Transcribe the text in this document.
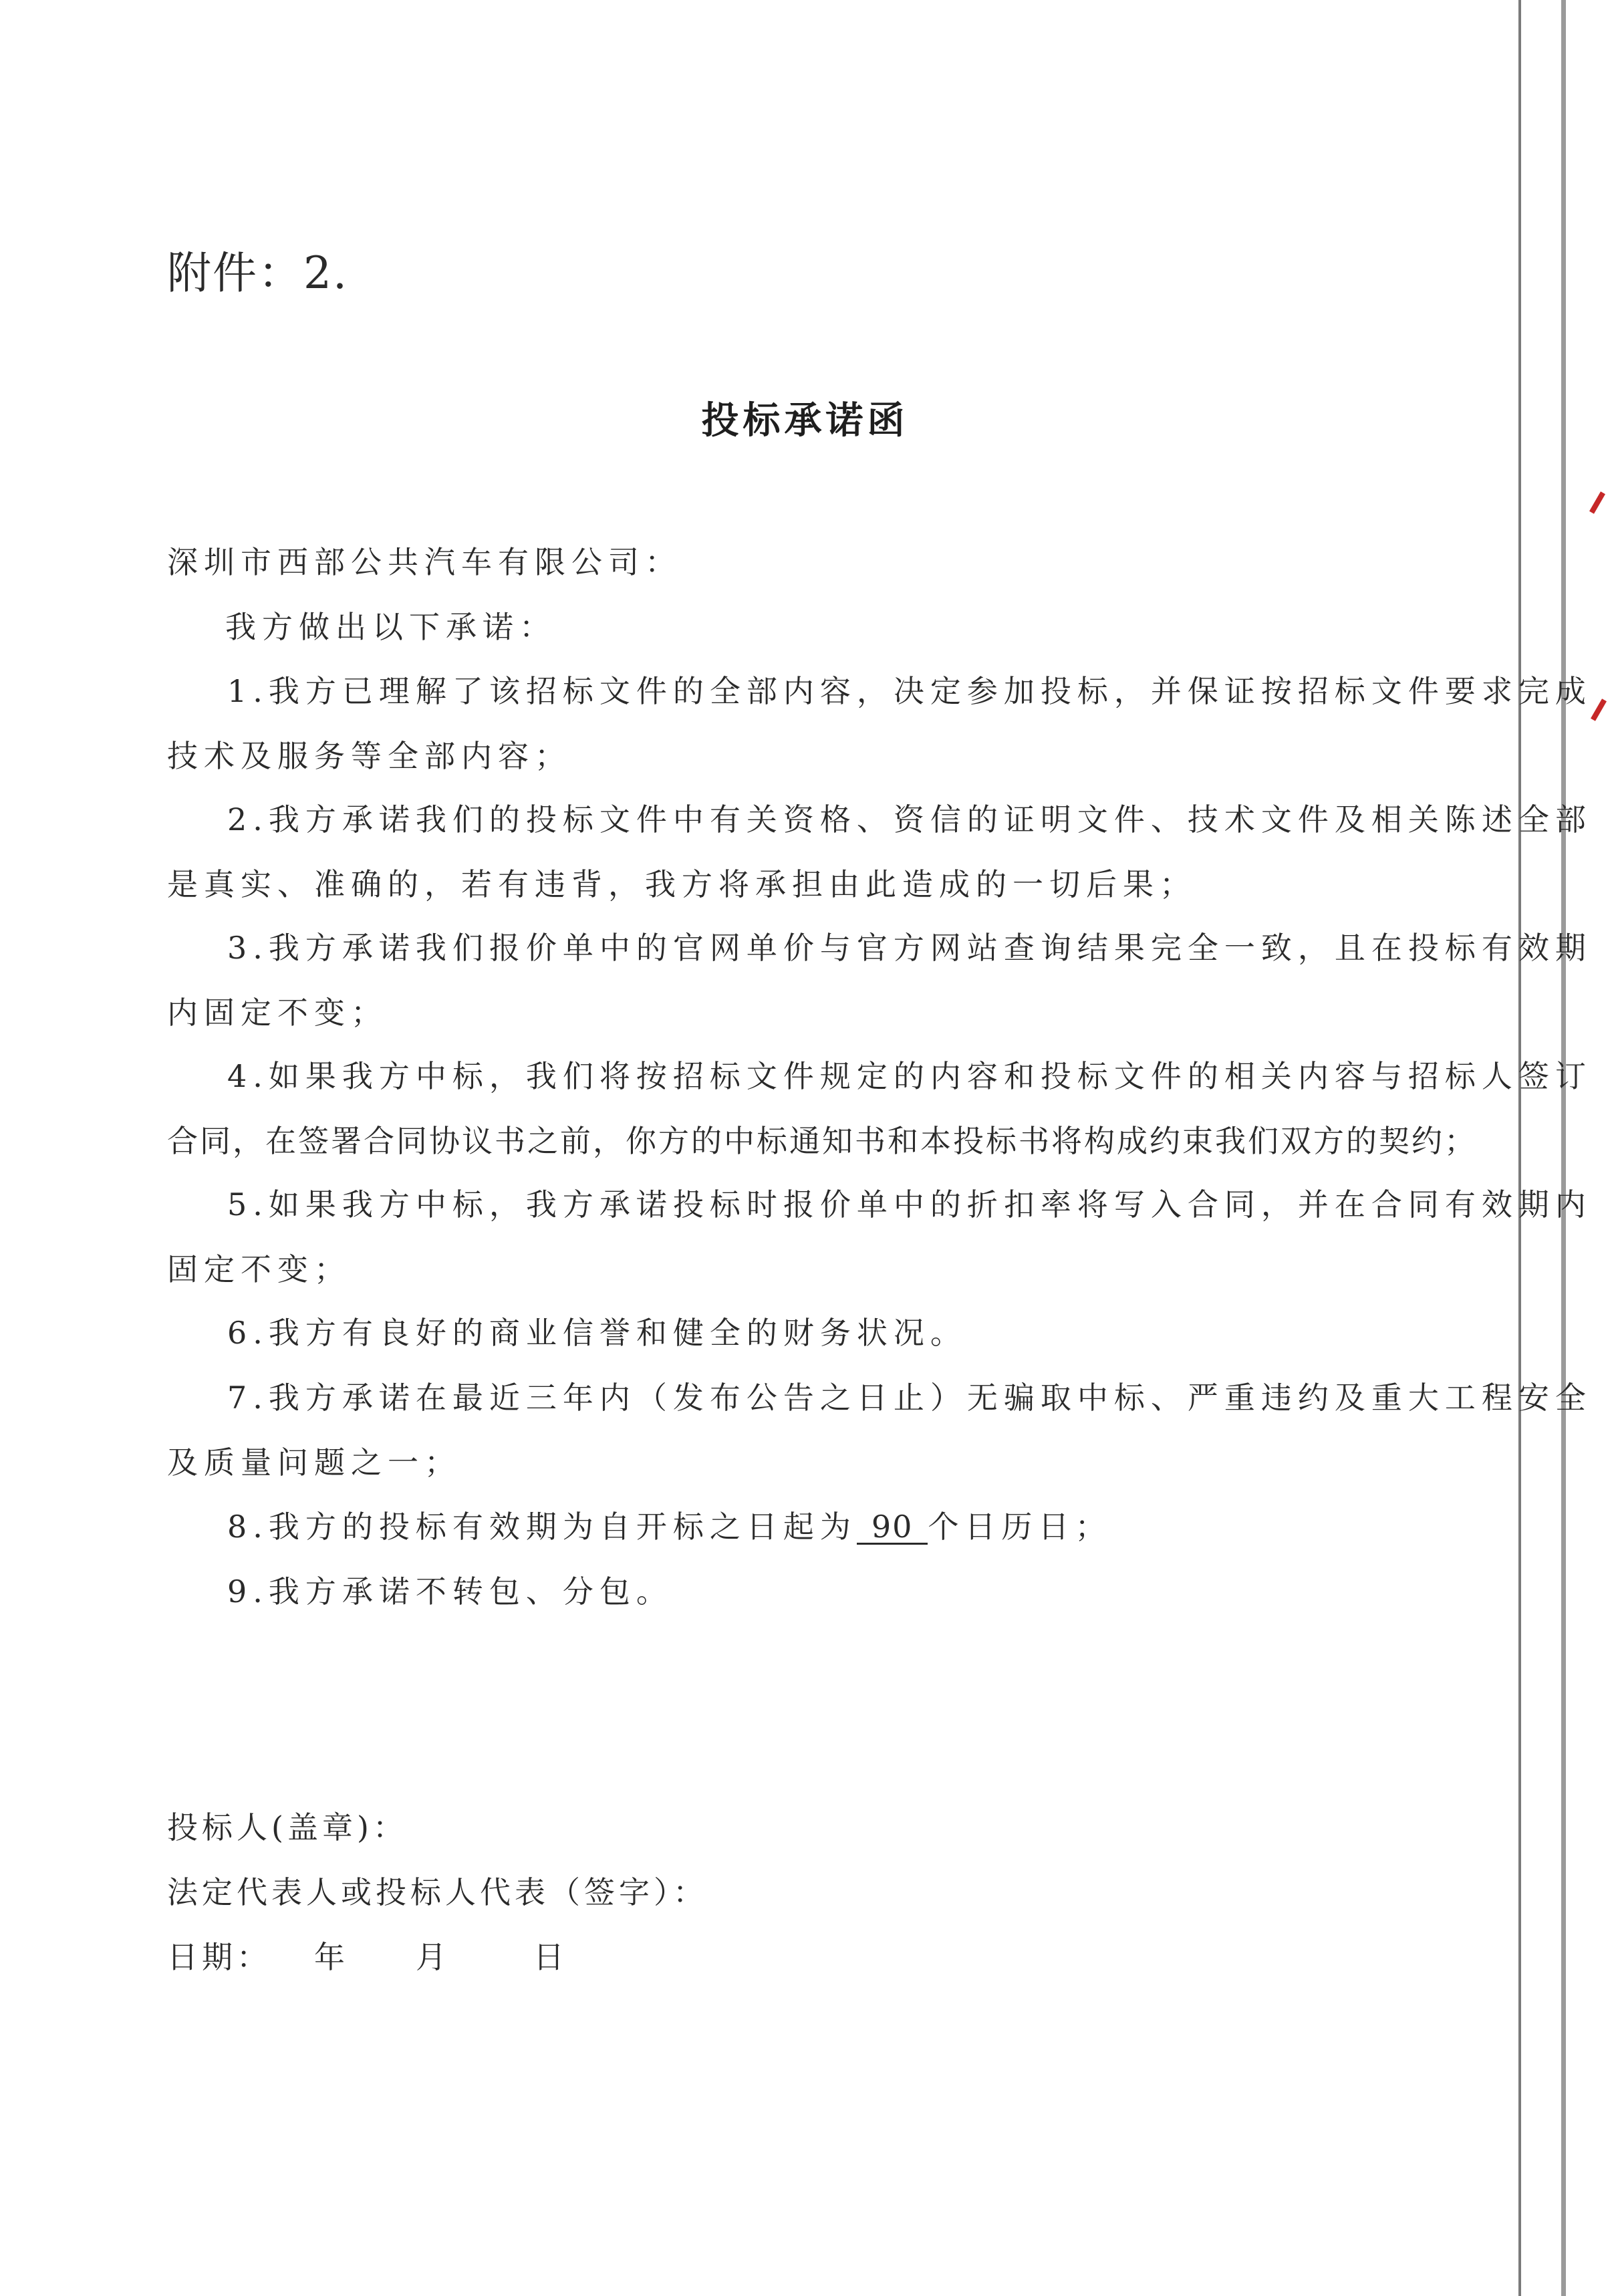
附件：2.
投标承诺函
深圳市西部公共汽车有限公司：
我方做出以下承诺：
1.我方已理解了该招标文件的全部内容，决定参加投标，并保证按招标文件要求完成
技术及服务等全部内容；
2.我方承诺我们的投标文件中有关资格、资信的证明文件、技术文件及相关陈述全部
是真实、准确的，若有违背，我方将承担由此造成的一切后果；
3.我方承诺我们报价单中的官网单价与官方网站查询结果完全一致，且在投标有效期
内固定不变；
4.如果我方中标，我们将按招标文件规定的内容和投标文件的相关内容与招标人签订
合同，在签署合同协议书之前，你方的中标通知书和本投标书将构成约束我们双方的契约；
5.如果我方中标，我方承诺投标时报价单中的折扣率将写入合同，并在合同有效期内
固定不变；
6.我方有良好的商业信誉和健全的财务状况。
7.我方承诺在最近三年内（发布公告之日止）无骗取中标、严重违约及重大工程安全
及质量问题之一；
8.我方的投标有效期为自开标之日起为 90 个日历日；
9.我方承诺不转包、分包。
投标人(盖章)：
法定代表人或投标人代表（签字）：
日期： 年 月	日
